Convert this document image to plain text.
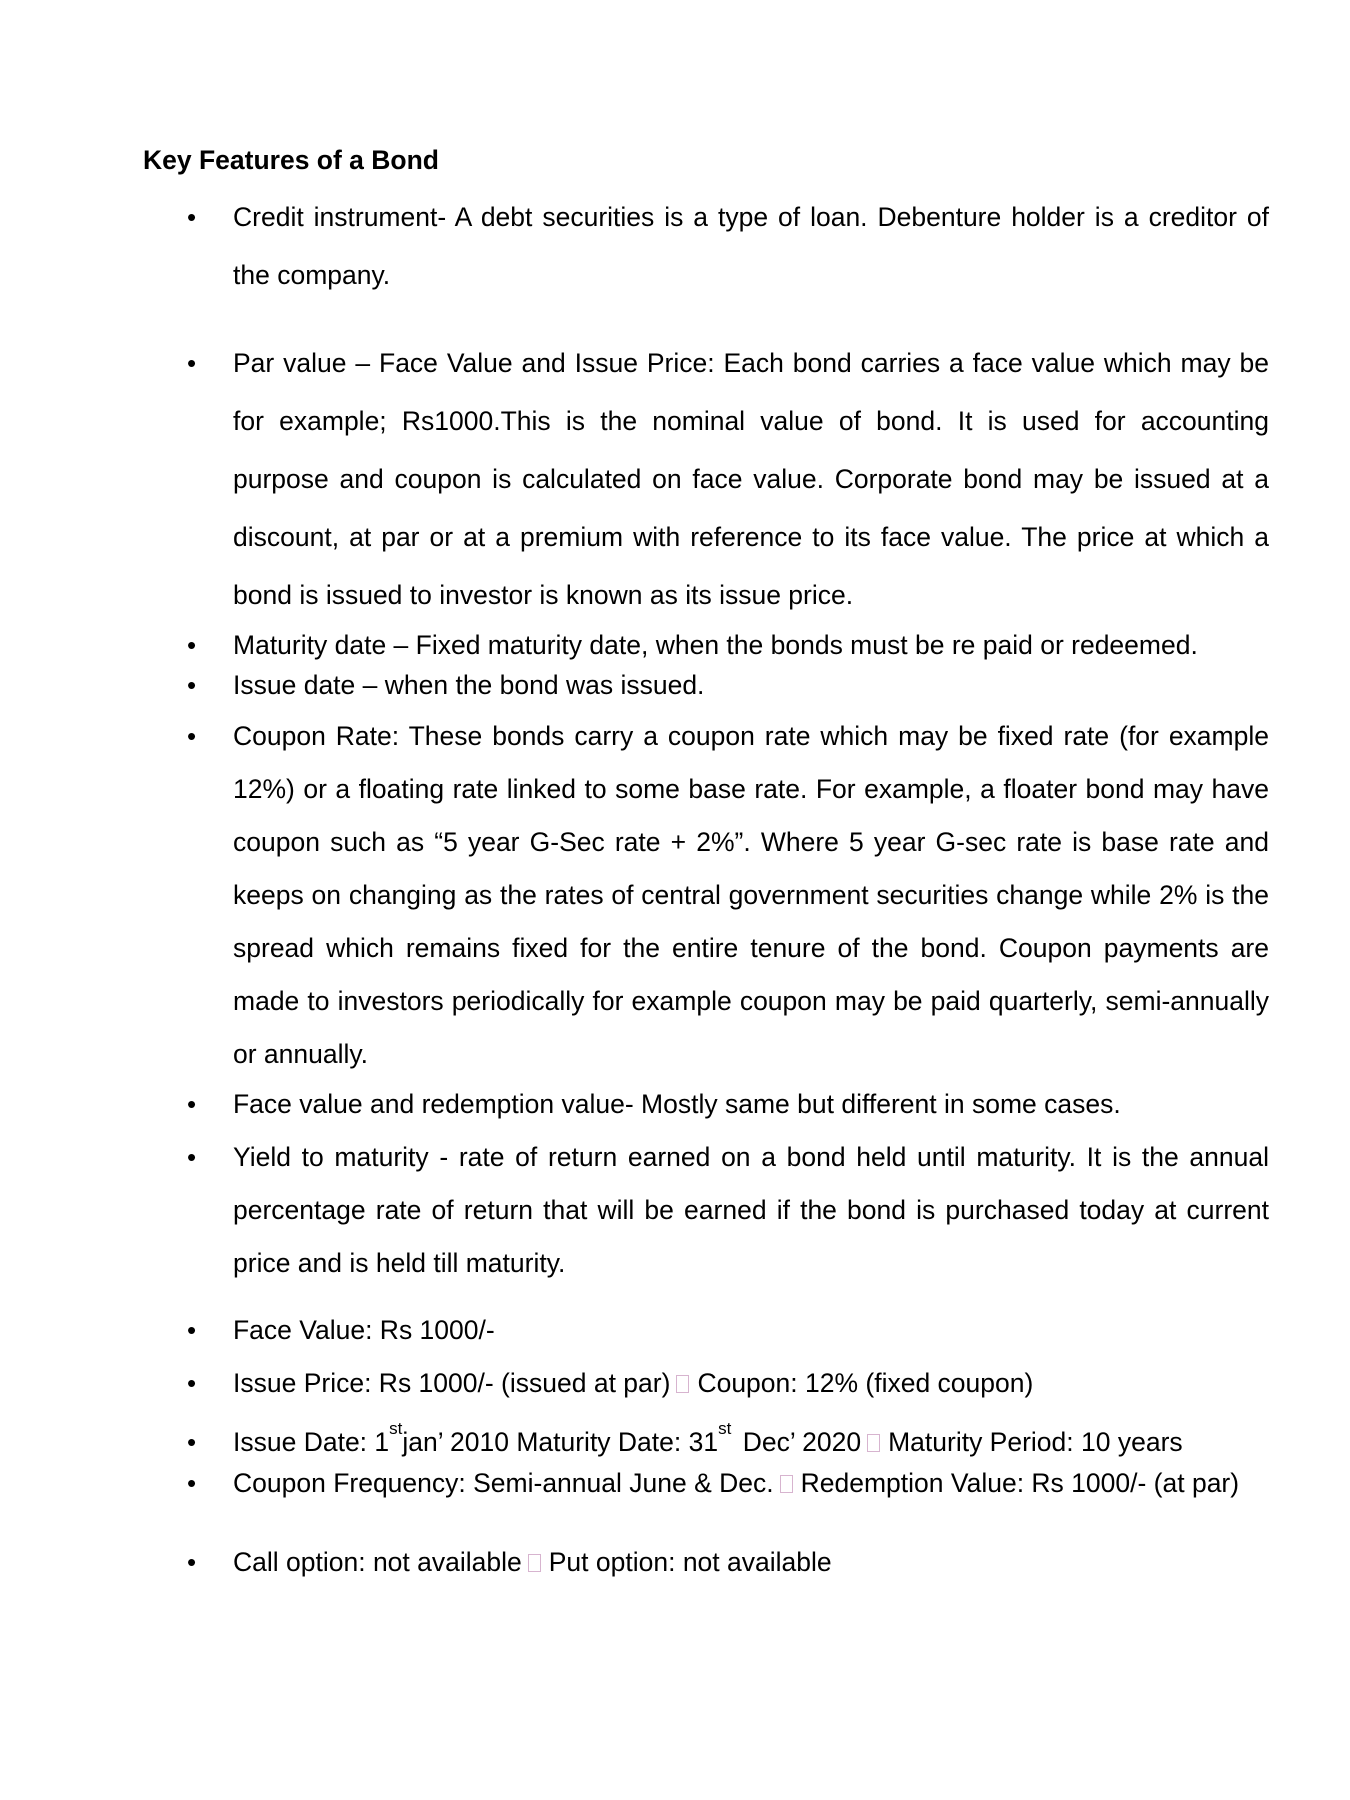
Key Features of a Bond
• Credit instrument- A debt securities is a type of loan. Debenture holder is a creditor of the company.
• Par value – Face Value and Issue Price: Each bond carries a face value which may be for example; Rs1000.This is the nominal value of bond. It is used for accounting purpose and coupon is calculated on face value. Corporate bond may be issued at a discount, at par or at a premium with reference to its face value. The price at which a bond is issued to investor is known as its issue price.
• Maturity date – Fixed maturity date, when the bonds must be re paid or redeemed.
• Issue date – when the bond was issued.
• Coupon Rate: These bonds carry a coupon rate which may be fixed rate (for example 12%) or a floating rate linked to some base rate. For example, a floater bond may have coupon such as “5 year G-Sec rate + 2%”. Where 5 year G-sec rate is base rate and keeps on changing as the rates of central government securities change while 2% is the spread which remains fixed for the entire tenure of the bond. Coupon payments are made to investors periodically for example coupon may be paid quarterly, semi-annually or annually.
• Face value and redemption value- Mostly same but different in some cases.
• Yield to maturity - rate of return earned on a bond held until maturity. It is the annual percentage rate of return that will be earned if the bond is purchased today at current price and is held till maturity.
• Face Value: Rs 1000/-
• Issue Price: Rs 1000/- (issued at par) Coupon: 12% (fixed coupon)
• Issue Date: 1stjan’ 2010 Maturity Date: 31st Dec’ 2020 Maturity Period: 10 years
• Coupon Frequency: Semi-annual June & Dec. Redemption Value: Rs 1000/- (at par)
• Call option: not available Put option: not available
